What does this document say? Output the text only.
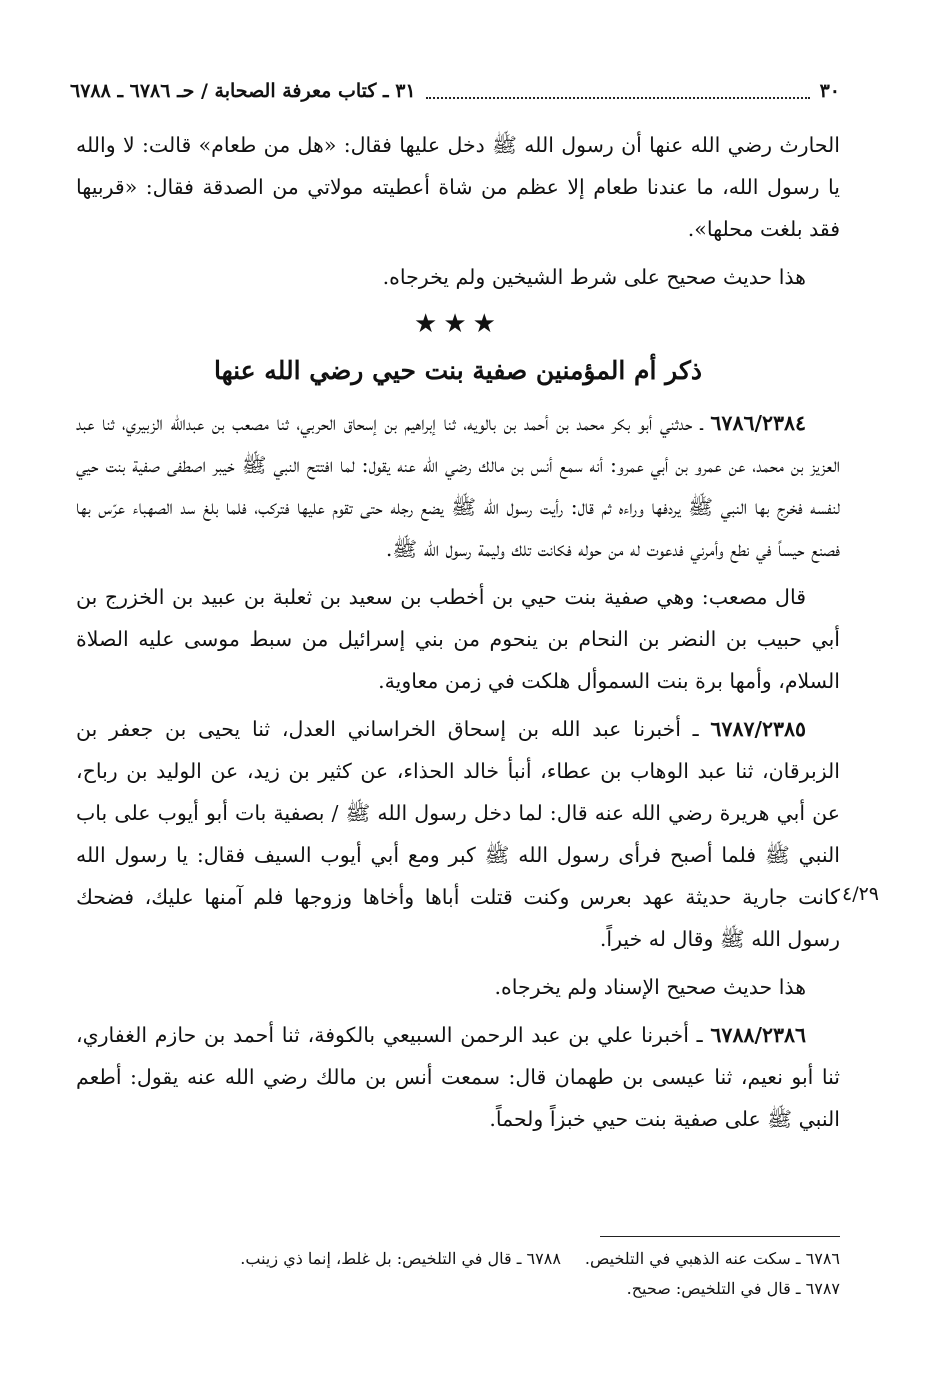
٣٠
٣١ ـ كتاب معرفة الصحابة / حـ ٦٧٨٦ ـ ٦٧٨٨

الحارث رضي الله عنها أن رسول الله ﷺ دخل عليها فقال: «هل من طعام» قالت: لا والله يا رسول الله، ما عندنا طعام إلا عظم من شاة أعطيته مولاتي من الصدقة فقال: «قربيها فقد بلغت محلها».

هذا حديث صحيح على شرط الشيخين ولم يخرجاه.

★★★
ذكر أم المؤمنين صفية بنت حيي رضي الله عنها

٦٧٨٦/٢٣٨٤ ـ حدثني أبو بكر محمد بن أحمد بن بالويه، ثنا إبراهيم بن إسحاق الحربي، ثنا مصعب بن عبدالله الزبيري، ثنا عبد العزيز بن محمد، عن عمرو بن أبي عمرو: أنه سمع أنس بن مالك رضي الله عنه يقول: لما افتتح النبي ﷺ خيبر اصطفى صفية بنت حيي لنفسه فخرج بها النبي ﷺ يردفها وراءه ثم قال: رأيت رسول الله ﷺ يضع رجله حتى تقوم عليها فتركب، فلما بلغ سد الصهباء عرّس بها فصنع حيساً في نطع وأمرني فدعوت له من حوله فكانت تلك وليمة رسول الله ﷺ.

قال مصعب: وهي صفية بنت حيي بن أخطب بن سعيد بن ثعلبة بن عبيد بن الخزرج بن أبي حبيب بن النضر بن النحام بن ينحوم من بني إسرائيل من سبط موسى عليه الصلاة السلام، وأمها برة بنت السموأل هلكت في زمن معاوية.

٦٧٨٧/٢٣٨٥ ـ أخبرنا عبد الله بن إسحاق الخراساني العدل، ثنا يحيى بن جعفر بن الزبرقان، ثنا عبد الوهاب بن عطاء، أنبأ خالد الحذاء، عن كثير بن زيد، عن الوليد بن رباح، عن أبي هريرة رضي الله عنه قال: لما دخل رسول الله ﷺ / بصفية بات أبو أيوب على باب النبي ﷺ فلما أصبح فرأى رسول الله ﷺ كبر ومع أبي أيوب السيف فقال: يا رسول الله كانت جارية حديثة عهد بعرس وكنت قتلت أباها وأخاها وزوجها فلم آمنها عليك، فضحك رسول الله ﷺ وقال له خيراً.

هذا حديث صحيح الإسناد ولم يخرجاه.

٦٧٨٨/٢٣٨٦ ـ أخبرنا علي بن عبد الرحمن السبيعي بالكوفة، ثنا أحمد بن حازم الغفاري، ثنا أبو نعيم، ثنا عيسى بن طهمان قال: سمعت أنس بن مالك رضي الله عنه يقول: أطعم النبي ﷺ على صفية بنت حيي خبزاً ولحماً.

٤/٢٩
٦٧٨٦ ـ سكت عنه الذهبي في التلخيص.٦٧٨٨ ـ قال في التلخيص: بل غلط، إنما ذي زينب.
٦٧٨٧ ـ قال في التلخيص: صحيح.
